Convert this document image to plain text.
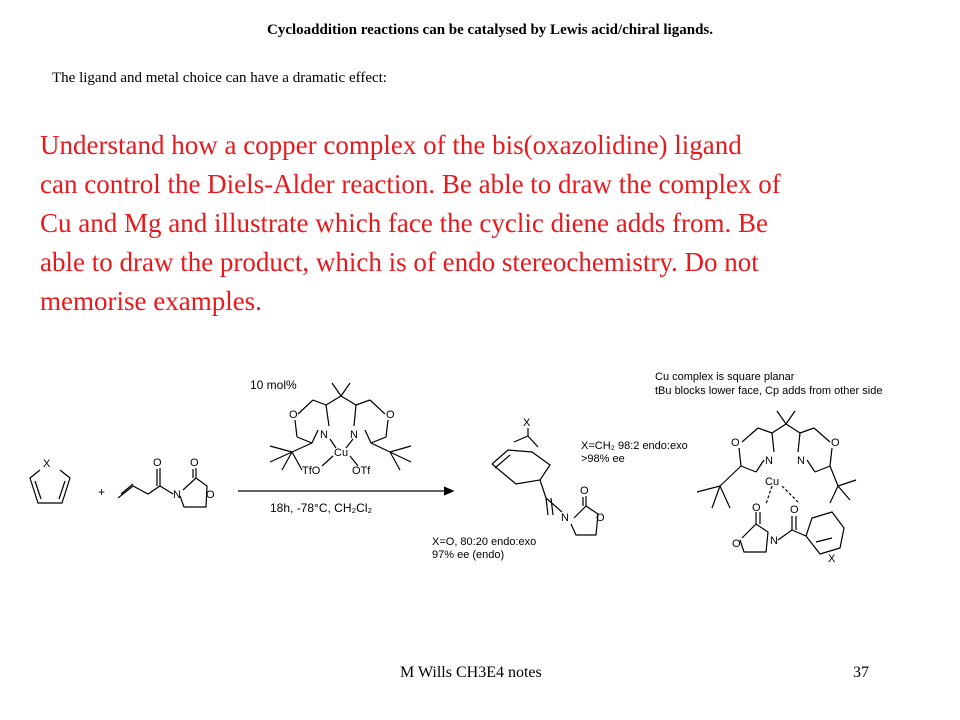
Cycloaddition reactions can be catalysed by Lewis acid/chiral ligands.
The ligand and metal choice can have a dramatic effect:
Understand how a copper complex of the bis(oxazolidine) ligand
can control the Diels-Alder reaction. Be able to draw the complex of
Cu and Mg and illustrate which face the cyclic diene adds from. Be
able to draw the product, which is of endo stereochemistry. Do not
memorise examples.
X
+
O	O
N O
10 mol%
O	O
N N
Cu
TfO	OTf
18h, -78°C, CH₂Cl₂
X
O
N O
X=CH₂ 98:2 endo:exo
>98% ee
X=O, 80:20 endo:exo
97% ee (endo)
Cu complex is square planar
tBu blocks lower face, Cp adds from other side
O	O
N N
Cu
O	O
O	N
X
M Wills CH3E4 notes	37
